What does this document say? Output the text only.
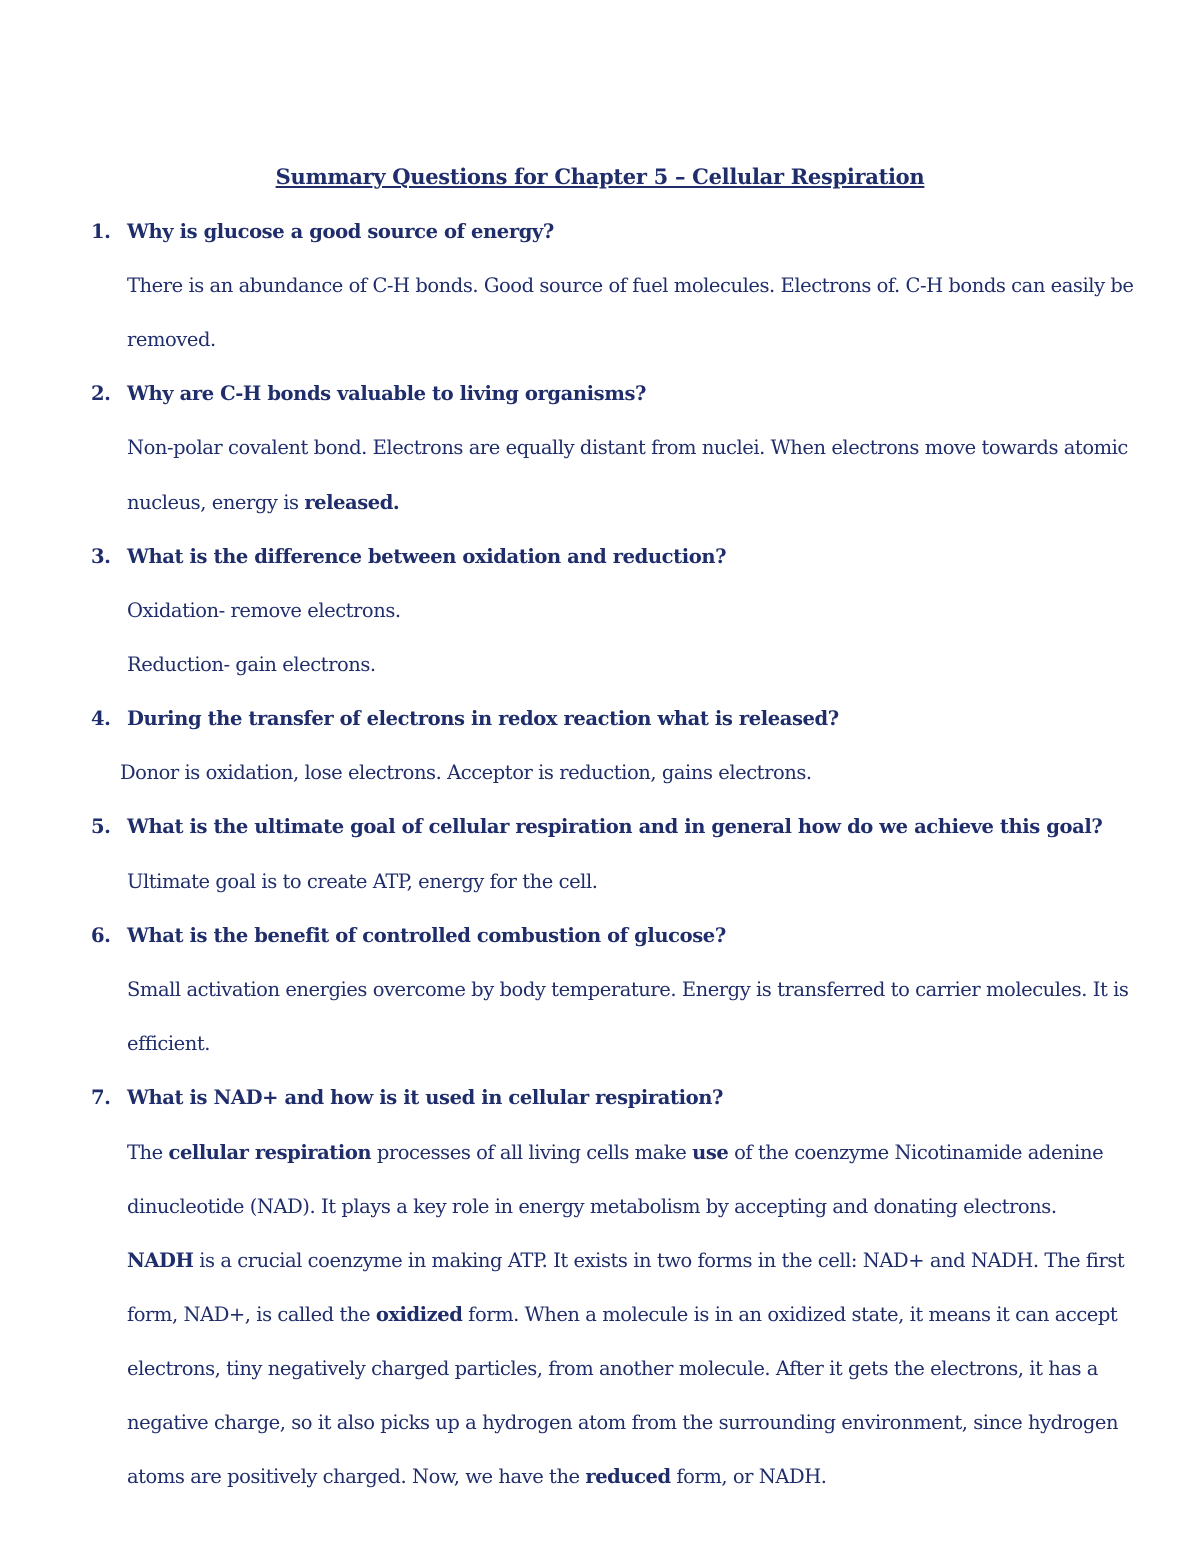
Summary Questions for Chapter 5 – Cellular Respiration
1. Why is glucose a good source of energy?
There is an abundance of C-H bonds. Good source of fuel molecules. Electrons of. C-H bonds can easily be
removed.
2. Why are C-H bonds valuable to living organisms?
Non-polar covalent bond. Electrons are equally distant from nuclei. When electrons move towards atomic
nucleus, energy is released.
3. What is the difference between oxidation and reduction?
Oxidation- remove electrons.
Reduction- gain electrons.
4. During the transfer of electrons in redox reaction what is released?
Donor is oxidation, lose electrons. Acceptor is reduction, gains electrons.
5. What is the ultimate goal of cellular respiration and in general how do we achieve this goal?
Ultimate goal is to create ATP, energy for the cell.
6. What is the benefit of controlled combustion of glucose?
Small activation energies overcome by body temperature. Energy is transferred to carrier molecules. It is
efficient.
7. What is NAD+ and how is it used in cellular respiration?
The cellular respiration processes of all living cells make use of the coenzyme Nicotinamide adenine
dinucleotide (NAD). It plays a key role in energy metabolism by accepting and donating electrons.
NADH is a crucial coenzyme in making ATP. It exists in two forms in the cell: NAD+ and NADH. The first
form, NAD+, is called the oxidized form. When a molecule is in an oxidized state, it means it can accept
electrons, tiny negatively charged particles, from another molecule. After it gets the electrons, it has a
negative charge, so it also picks up a hydrogen atom from the surrounding environment, since hydrogen
atoms are positively charged. Now, we have the reduced form, or NADH.
